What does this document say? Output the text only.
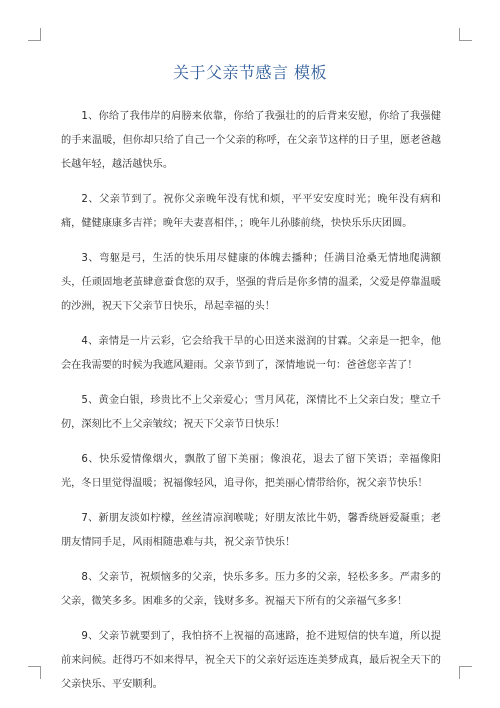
关于父亲节感言 模板

1、你给了我伟岸的肩膀来依靠，你给了我强壮的的后背来安慰，你给了我强健的手来温暖，但你却只给了自己一个父亲的称呼，在父亲节这样的日子里，愿老爸越长越年轻，越活越快乐。

2、父亲节到了。祝你父亲晚年没有忧和烦，平平安安度时光；晚年没有病和痛，健健康康多吉祥；晚年夫妻喜相伴，；晚年儿孙膝前绕，快快乐乐庆团圆。

3、弯躯是弓，生活的快乐用尽健康的体魄去播种；任满目沧桑无情地爬满额头，任顽固地老茧肆意蚕食您的双手，坚强的背后是你多情的温柔，父爱是停靠温暖的沙洲，祝天下父亲节日快乐，昂起幸福的头！

4、亲情是一片云彩，它会给我干旱的心田送来滋润的甘霖。父亲是一把伞，他会在我需要的时候为我遮风避雨。父亲节到了，深情地说一句：爸爸您辛苦了！

5、黄金白银，珍贵比不上父亲爱心；雪月风花，深情比不上父亲白发；壁立千仞，深刻比不上父亲皱纹；祝天下父亲节日快乐！

6、快乐爱情像烟火，飘散了留下美丽；像浪花，退去了留下笑语；幸福像阳光，冬日里觉得温暖；祝福像轻风，追寻你，把美丽心情带给你，祝父亲节快乐！

7、新朋友淡如柠檬，丝丝清凉润喉咙；好朋友浓比牛奶，馨香绕唇爱凝重；老朋友情同手足，风雨相随患难与共，祝父亲节快乐！

8、父亲节，祝烦恼多的父亲，快乐多多。压力多的父亲，轻松多多。严肃多的父亲，微笑多多。困难多的父亲，钱财多多。祝福天下所有的父亲福气多多！

9、父亲节就要到了，我怕挤不上祝福的高速路，抢不进短信的快车道，所以提前来问候。赶得巧不如来得早，祝全天下的父亲好运连连美梦成真，最后祝全天下的父亲快乐、平安顺利。
